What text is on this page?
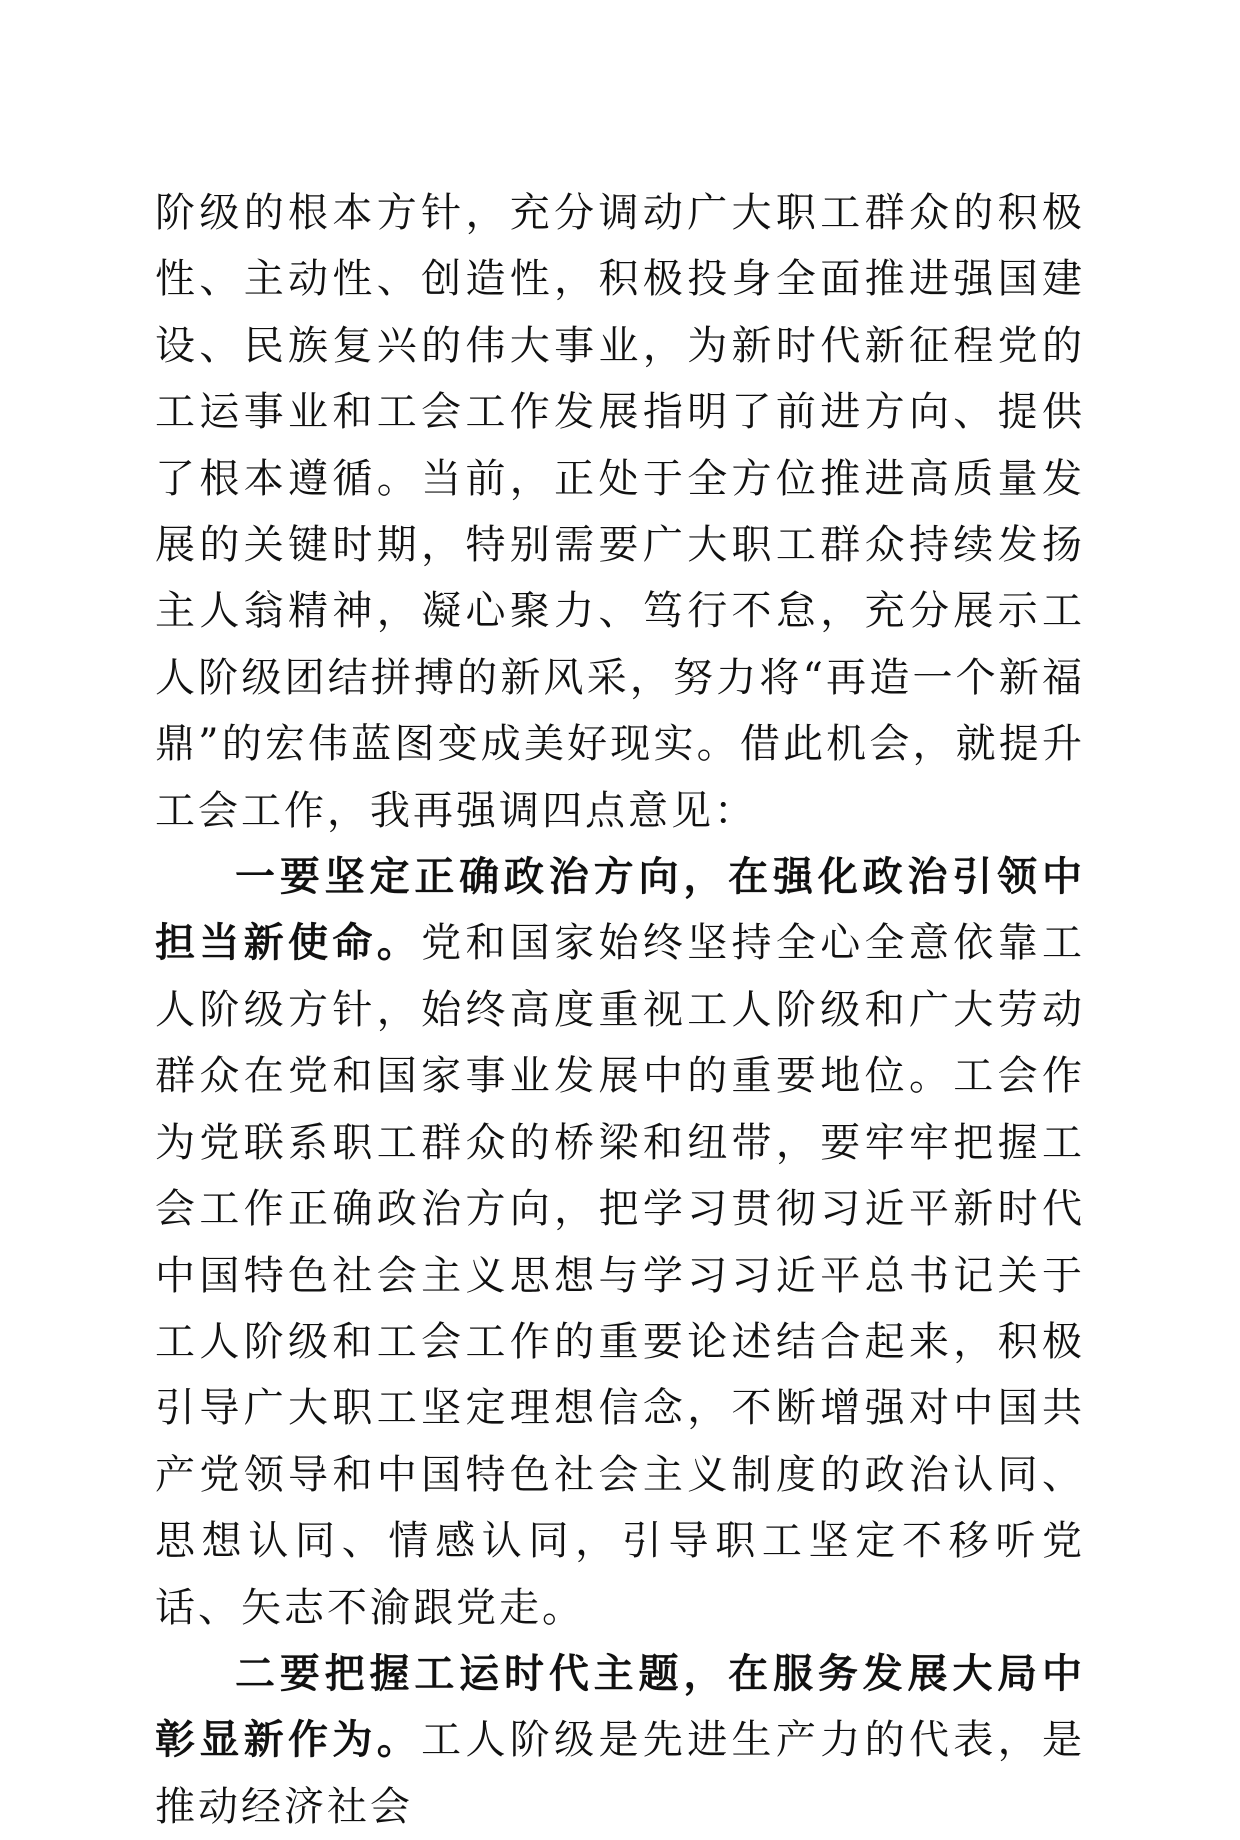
阶级的根本方针，充分调动广大职工群众的积极性、主动性、创造性，积极投身全面推进强国建设、民族复兴的伟大事业，为新时代新征程党的工运事业和工会工作发展指明了前进方向、提供了根本遵循。当前，正处于全方位推进高质量发展的关键时期，特别需要广大职工群众持续发扬主人翁精神，凝心聚力、笃行不怠，充分展示工人阶级团结拼搏的新风采，努力将“再造一个新福鼎”的宏伟蓝图变成美好现实。借此机会，就提升工会工作，我再强调四点意见：

一要坚定正确政治方向，在强化政治引领中担当新使命。党和国家始终坚持全心全意依靠工人阶级方针，始终高度重视工人阶级和广大劳动群众在党和国家事业发展中的重要地位。工会作为党联系职工群众的桥梁和纽带，要牢牢把握工会工作正确政治方向，把学习贯彻习近平新时代中国特色社会主义思想与学习习近平总书记关于工人阶级和工会工作的重要论述结合起来，积极引导广大职工坚定理想信念，不断增强对中国共产党领导和中国特色社会主义制度的政治认同、思想认同、情感认同，引导职工坚定不移听党话、矢志不渝跟党走。

二要把握工运时代主题，在服务发展大局中彰显新作为。工人阶级是先进生产力的代表，是推动经济社会
